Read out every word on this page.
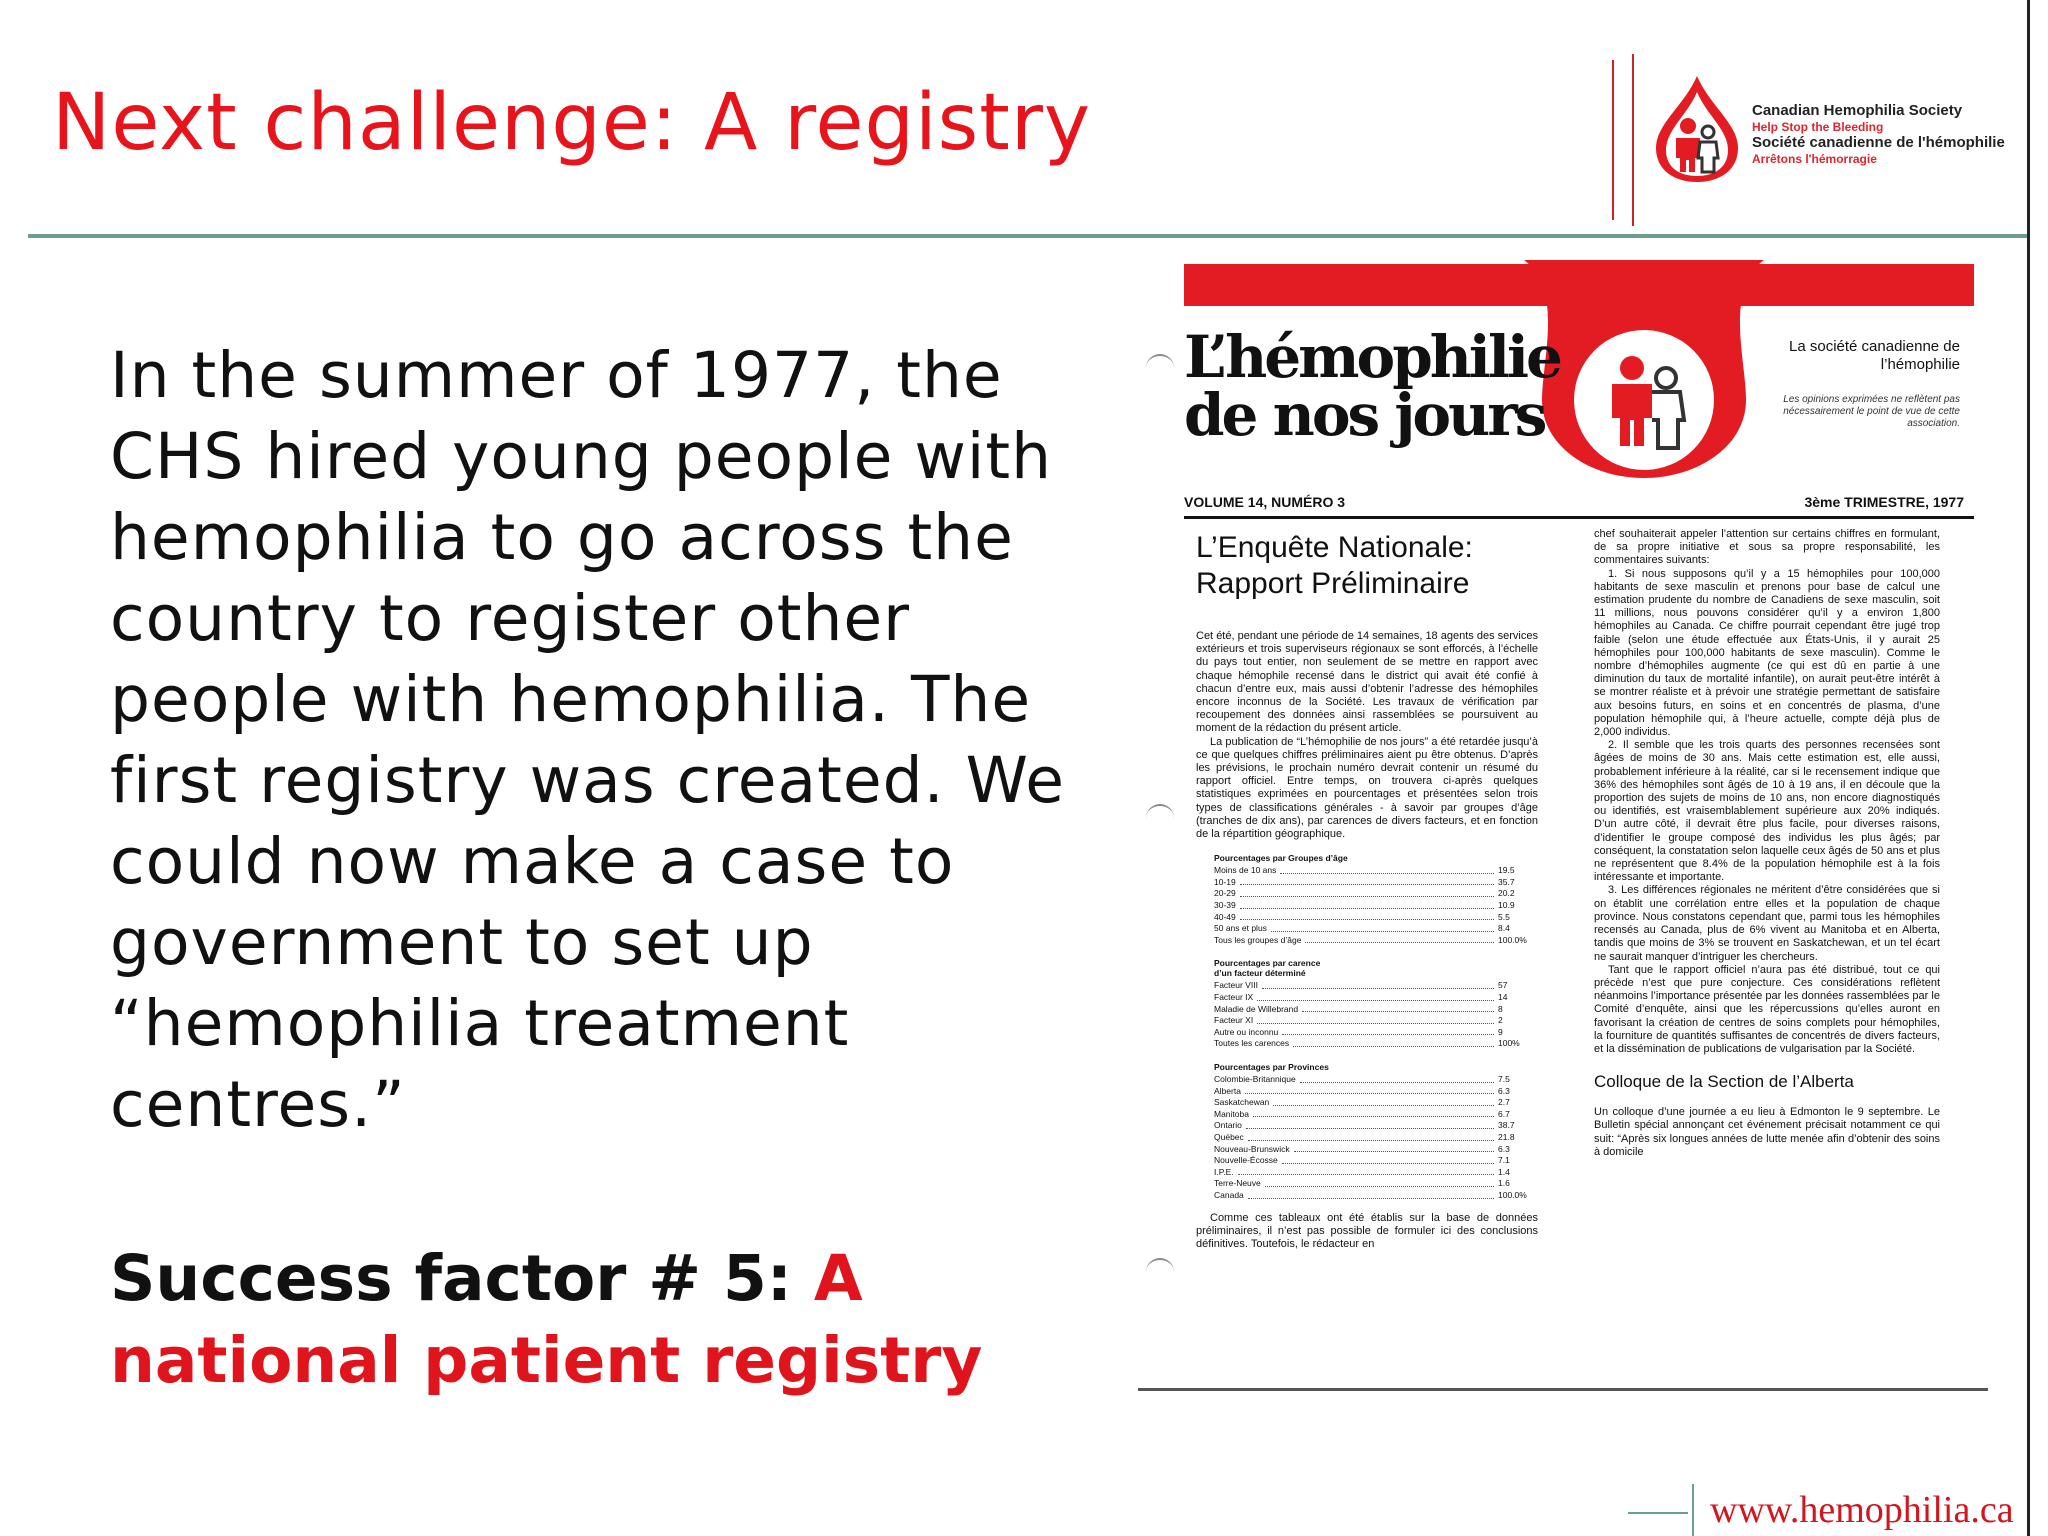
Next challenge: A registry	Canadian Hemophilia Society
Help Stop the Bleeding
Société canadienne de l'hémophilie
Arrêtons l'hémorragie

In the summer of 1977, the CHS hired young people with hemophilia to go across the country to register other people with hemophilia. The first registry was created. We could now make a case to government to set up “hemophilia treatment centres.”

Success factor # 5: A national patient registry

L’hémophilie
de nos jours
La société canadienne de l’hémophilie
Les opinions exprimées ne reflètent pas nécessairement le point de vue de cette association.
VOLUME 14, NUMÉRO 3	3ème TRIMESTRE, 1977
L’Enquête Nationale:
Rapport Préliminaire

Cet été, pendant une période de 14 semaines, 18 agents des services extérieurs et trois superviseurs régionaux se sont efforcés, à l’échelle du pays tout entier, non seulement de se mettre en rapport avec chaque hémophile recensé dans le district qui avait été confié à chacun d’entre eux, mais aussi d’obtenir l’adresse des hémophiles encore inconnus de la Société. Les travaux de vérification par recoupement des données ainsi rassemblées se poursuivent au moment de la rédaction du présent article.

La publication de “L’hémophilie de nos jours” a été retardée jusqu’à ce que quelques chiffres préliminaires aient pu être obtenus. D’après les prévisions, le prochain numéro devrait contenir un résumé du rapport officiel. Entre temps, on trouvera ci-après quelques statistiques exprimées en pourcentages et présentées selon trois types de classifications générales - à savoir par groupes d’âge (tranches de dix ans), par carences de divers facteurs, et en fonction de la répartition géographique.

Pourcentages par Groupes d’âge
Moins de 10 ans	19.5
10-19	35.7
20-29	20.2
30-39	10.9
40-49	5.5
50 ans et plus	8.4
Tous les groupes d’âge	100.0%
Pourcentages par carence
d’un facteur déterminé
Facteur VIII	57
Facteur IX	14
Maladie de Willebrand	8
Facteur XI	2
Autre ou inconnu	9
Toutes les carences	100%
Pourcentages par Provinces
Colombie-Britannique	7.5
Alberta	6.3
Saskatchewan	2.7
Manitoba	6.7
Ontario	38.7
Québec	21.8
Nouveau-Brunswick	6.3
Nouvelle-Écosse	7.1
I.P.E.	1.4
Terre-Neuve	1.6
Canada	100.0%

Comme ces tableaux ont été établis sur la base de données préliminaires, il n’est pas possible de formuler ici des conclusions définitives. Toutefois, le rédacteur en

chef souhaiterait appeler l’attention sur certains chiffres en formulant, de sa propre initiative et sous sa propre responsabilité, les commentaires suivants:

1. Si nous supposons qu’il y a 15 hémophiles pour 100,000 habitants de sexe masculin et prenons pour base de calcul une estimation prudente du nombre de Canadiens de sexe masculin, soit 11 millions, nous pouvons considérer qu’il y a environ 1,800 hémophiles au Canada. Ce chiffre pourrait cependant être jugé trop faible (selon une étude effectuée aux États-Unis, il y aurait 25 hémophiles pour 100,000 habitants de sexe masculin). Comme le nombre d’hémophiles augmente (ce qui est dû en partie à une diminution du taux de mortalité infantile), on aurait peut-être intérêt à se montrer réaliste et à prévoir une stratégie permettant de satisfaire aux besoins futurs, en soins et en concentrés de plasma, d’une population hémophile qui, à l’heure actuelle, compte déjà plus de 2,000 individus.

2. Il semble que les trois quarts des personnes recensées sont âgées de moins de 30 ans. Mais cette estimation est, elle aussi, probablement inférieure à la réalité, car si le recensement indique que 36% des hémophiles sont âgés de 10 à 19 ans, il en découle que la proportion des sujets de moins de 10 ans, non encore diagnostiqués ou identifiés, est vraisemblablement supérieure aux 20% indiqués. D’un autre côté, il devrait être plus facile, pour diverses raisons, d’identifier le groupe composé des individus les plus âgés; par conséquent, la constatation selon laquelle ceux âgés de 50 ans et plus ne représentent que 8.4% de la population hémophile est à la fois intéressante et importante.

3. Les différences régionales ne méritent d’être considérées que si on établit une corrélation entre elles et la population de chaque province. Nous constatons cependant que, parmi tous les hémophiles recensés au Canada, plus de 6% vivent au Manitoba et en Alberta, tandis que moins de 3% se trouvent en Saskatchewan, et un tel écart ne saurait manquer d’intriguer les chercheurs.

Tant que le rapport officiel n’aura pas été distribué, tout ce qui précède n’est que pure conjecture. Ces considérations reflètent néanmoins l’importance présentée par les données rassemblées par le Comité d’enquête, ainsi que les répercussions qu’elles auront en favorisant la création de centres de soins complets pour hémophiles, la fourniture de quantités suffisantes de concentrés de divers facteurs, et la dissémination de publications de vulgarisation par la Société.

Colloque de la Section de l’Alberta

Un colloque d’une journée a eu lieu à Edmonton le 9 septembre. Le Bulletin spécial annonçant cet événement précisait notamment ce qui suit: “Après six longues années de lutte menée afin d’obtenir des soins à domicile

www.hemophilia.ca
